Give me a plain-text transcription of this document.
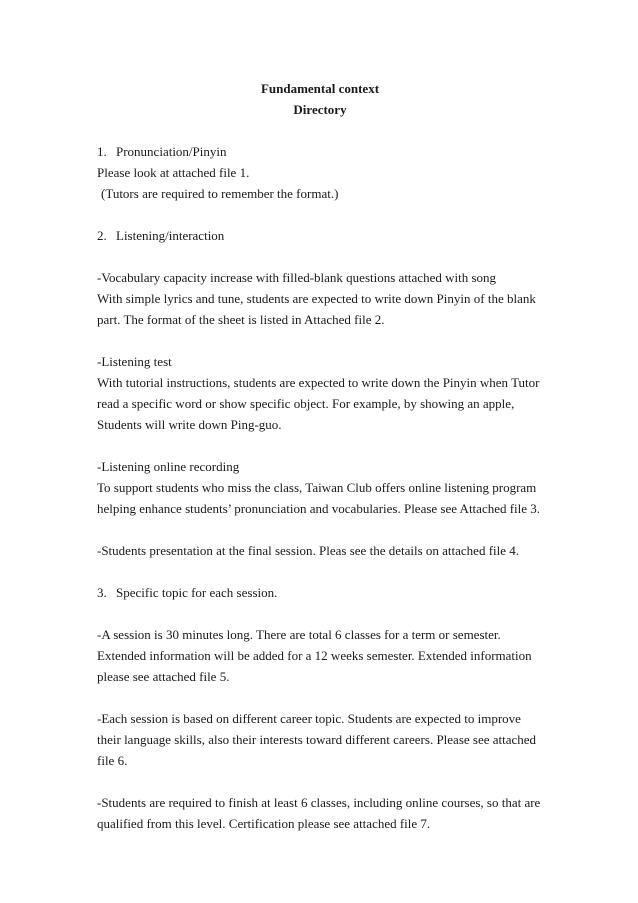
Fundamental context
Directory
1. Pronunciation/Pinyin
Please look at attached file 1.
(Tutors are required to remember the format.)
2. Listening/interaction
-Vocabulary capacity increase with filled-blank questions attached with song
With simple lyrics and tune, students are expected to write down Pinyin of the blank
part. The format of the sheet is listed in Attached file 2.
-Listening test
With tutorial instructions, students are expected to write down the Pinyin when Tutor
read a specific word or show specific object. For example, by showing an apple,
Students will write down Ping-guo.
-Listening online recording
To support students who miss the class, Taiwan Club offers online listening program
helping enhance students’ pronunciation and vocabularies. Please see Attached file 3.
-Students presentation at the final session. Pleas see the details on attached file 4.
3. Specific topic for each session.
-A session is 30 minutes long. There are total 6 classes for a term or semester.
Extended information will be added for a 12 weeks semester. Extended information
please see attached file 5.
-Each session is based on different career topic. Students are expected to improve
their language skills, also their interests toward different careers. Please see attached
file 6.
-Students are required to finish at least 6 classes, including online courses, so that are
qualified from this level. Certification please see attached file 7.
